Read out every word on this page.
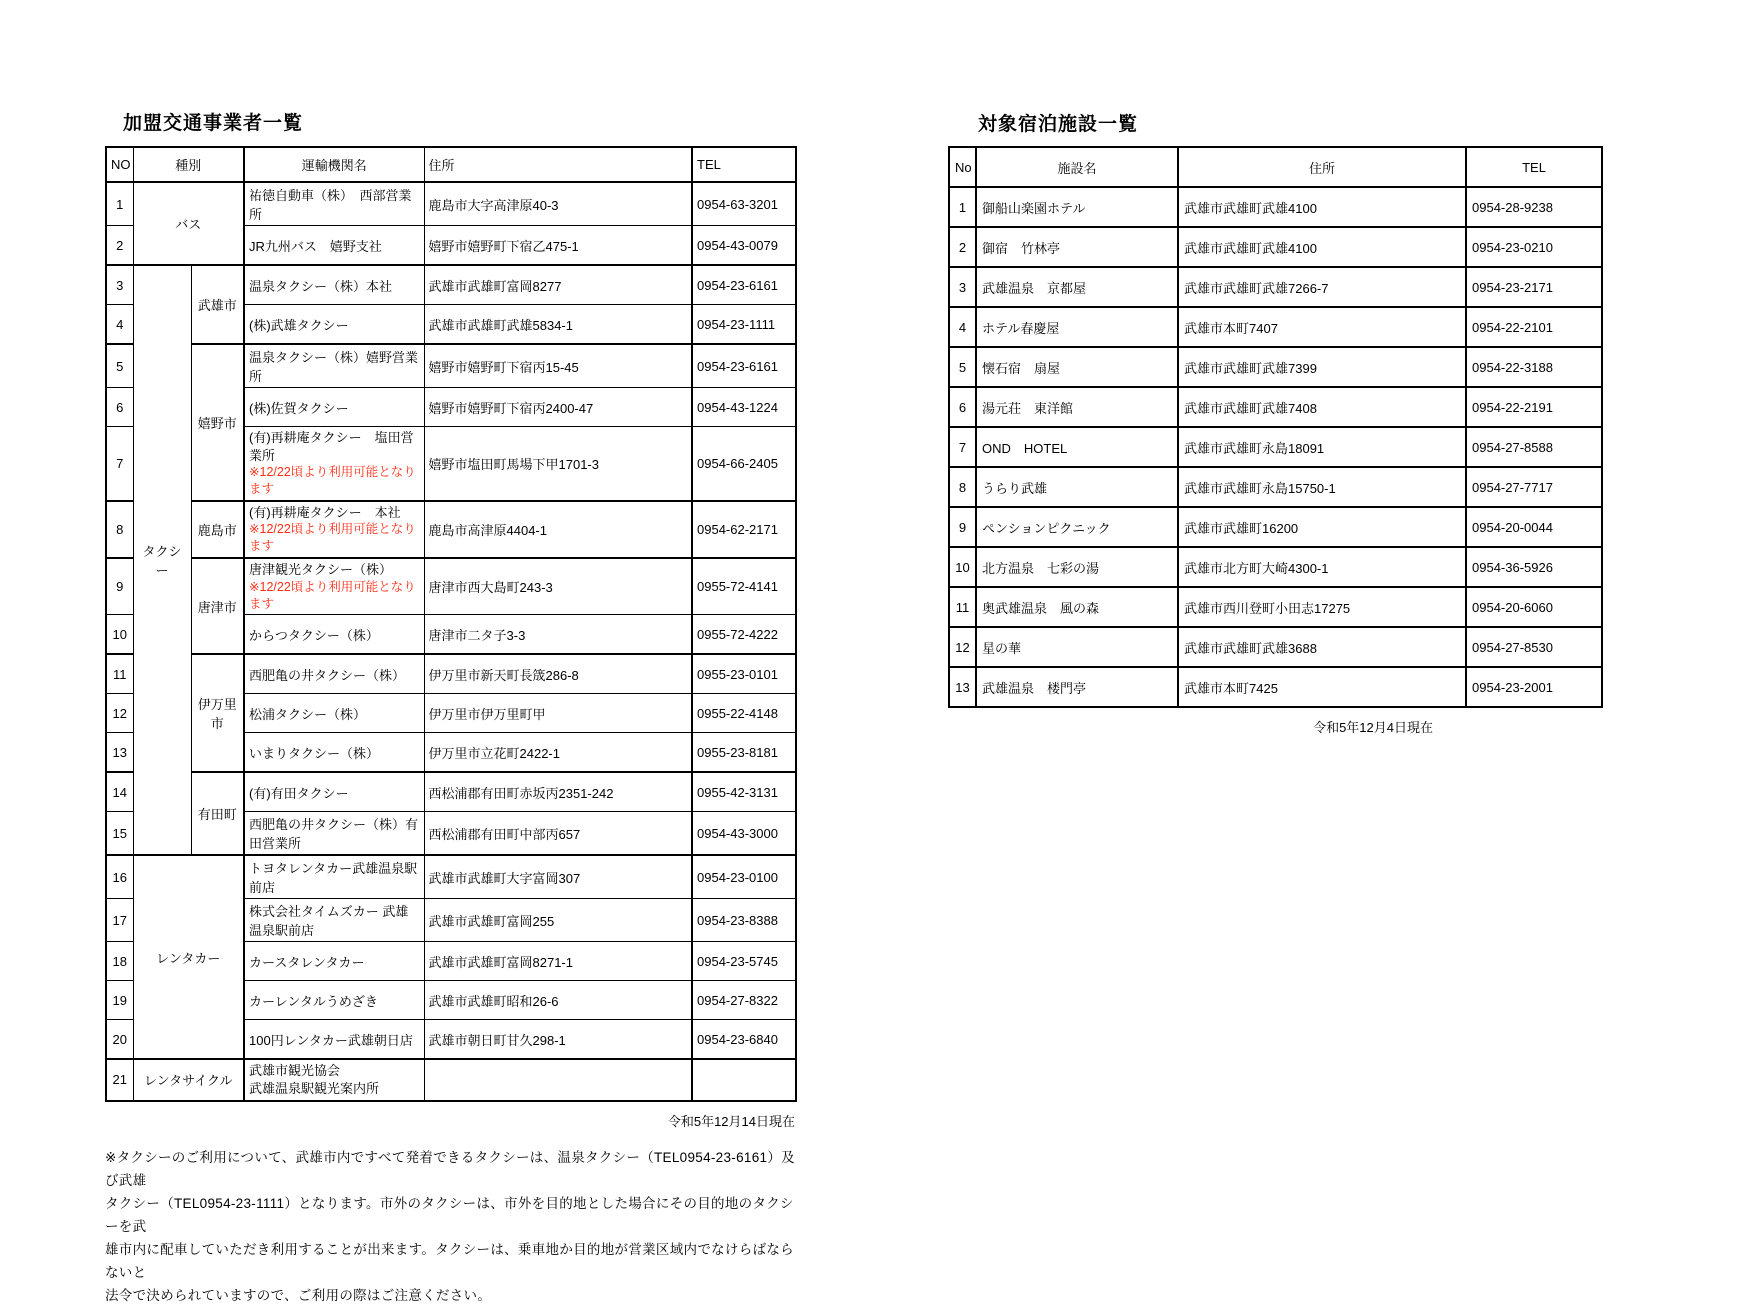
加盟交通事業者一覧
NO	種別		運輸機関名	住所	TEL
1	バス		祐徳自動車（株）　西部営業所	鹿島市大字高津原40-3	0954-63-3201
2			JR九州バス　嬉野支社	嬉野市嬉野町下宿乙475-1	0954-43-0079
3	タクシー	武雄市	温泉タクシー（株）本社	武雄市武雄町富岡8277	0954-23-6161
4			(株)武雄タクシー	武雄市武雄町武雄5834-1	0954-23-1111
5		嬉野市	温泉タクシー（株）嬉野営業所	嬉野市嬉野町下宿丙15-45	0954-23-6161
6			(株)佐賀タクシー	嬉野市嬉野町下宿丙2400-47	0954-43-1224
7			(有)再耕庵タクシー　塩田営業所
※12/22頃より利用可能となります	嬉野市塩田町馬場下甲1701-3	0954-66-2405
8		鹿島市	(有)再耕庵タクシー　本社
※12/22頃より利用可能となります	鹿島市高津原4404-1	0954-62-2171
9		唐津市	唐津観光タクシー（株）
※12/22頃より利用可能となります	唐津市西大島町243-3	0955-72-4141
10			からつタクシー（株）	唐津市二タ子3-3	0955-72-4222
11		伊万里市	西肥亀の井タクシー（株）	伊万里市新天町長筬286-8	0955-23-0101
12			松浦タクシー（株）	伊万里市伊万里町甲	0955-22-4148
13			いまりタクシー（株）	伊万里市立花町2422-1	0955-23-8181
14		有田町	(有)有田タクシー	西松浦郡有田町赤坂丙2351-242	0955-42-3131
15			西肥亀の井タクシー（株）有田営業所	西松浦郡有田町中部丙657	0954-43-3000
16	レンタカー		トヨタレンタカー武雄温泉駅前店	武雄市武雄町大字富岡307	0954-23-0100
17			株式会社タイムズカー 武雄温泉駅前店	武雄市武雄町富岡255	0954-23-8388
18			カースタレンタカー	武雄市武雄町富岡8271-1	0954-23-5745
19			カーレンタルうめざき	武雄市武雄町昭和26-6	0954-27-8322
20			100円レンタカー武雄朝日店	武雄市朝日町甘久298-1	0954-23-6840
21	レンタサイクル		武雄市観光協会
武雄温泉駅観光案内所		

令和5年12月14日現在
※タクシーのご利用について、武雄市内ですべて発着できるタクシーは、温泉タクシー（TEL0954-23-6161）及び武雄
タクシー（TEL0954-23-1111）となります。市外のタクシーは、市外を目的地とした場合にその目的地のタクシーを武
雄市内に配車していただき利用することが出来ます。タクシーは、乗車地か目的地が営業区域内でなけらばならないと
法令で決められていますので、ご利用の際はご注意ください。
対象宿泊施設一覧
No	施設名	住所	TEL
1	御船山楽園ホテル	武雄市武雄町武雄4100	0954-28-9238
2	御宿　竹林亭	武雄市武雄町武雄4100	0954-23-0210
3	武雄温泉　京都屋	武雄市武雄町武雄7266-7	0954-23-2171
4	ホテル春慶屋	武雄市本町7407	0954-22-2101
5	懐石宿　扇屋	武雄市武雄町武雄7399	0954-22-3188
6	湯元荘　東洋館	武雄市武雄町武雄7408	0954-22-2191
7	OND　HOTEL	武雄市武雄町永島18091	0954-27-8588
8	うらり武雄	武雄市武雄町永島15750-1	0954-27-7717
9	ペンションピクニック	武雄市武雄町16200	0954-20-0044
10	北方温泉　七彩の湯	武雄市北方町大崎4300-1	0954-36-5926
11	奥武雄温泉　風の森	武雄市西川登町小田志17275	0954-20-6060
12	星の華	武雄市武雄町武雄3688	0954-27-8530
13	武雄温泉　楼門亭	武雄市本町7425	0954-23-2001
令和5年12月4日現在
